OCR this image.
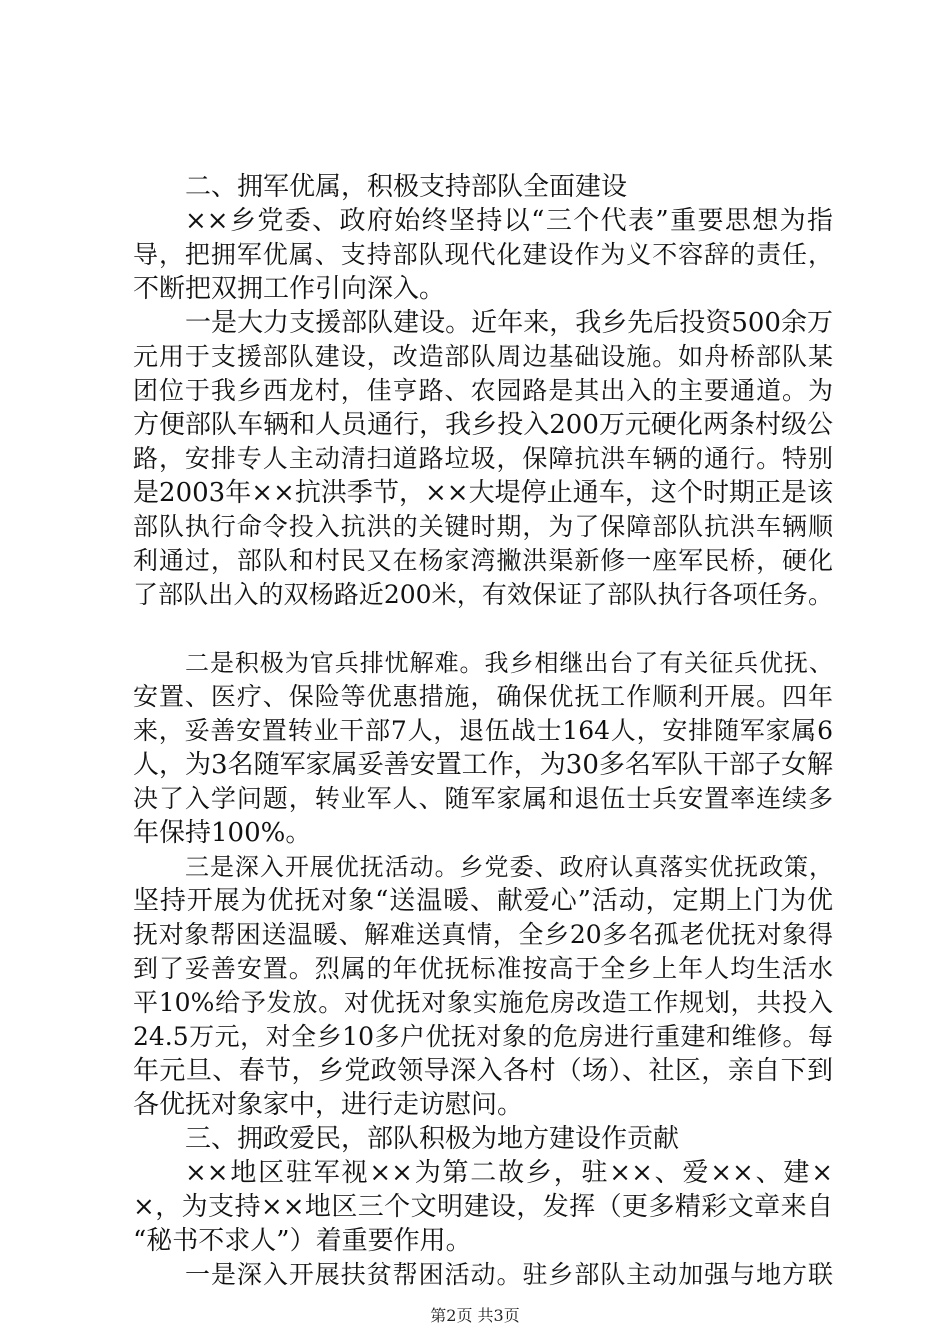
二、拥军优属，积极支持部队全面建设
××乡党委、政府始终坚持以“三个代表”重要思想为指
导，把拥军优属、支持部队现代化建设作为义不容辞的责任，
不断把双拥工作引向深入。
一是大力支援部队建设。近年来，我乡先后投资500余万
元用于支援部队建设，改造部队周边基础设施。如舟桥部队某
团位于我乡西龙村，佳亨路、农园路是其出入的主要通道。为
方便部队车辆和人员通行，我乡投入200万元硬化两条村级公
路，安排专人主动清扫道路垃圾，保障抗洪车辆的通行。特别
是2003年××抗洪季节，××大堤停止通车，这个时期正是该
部队执行命令投入抗洪的关键时期，为了保障部队抗洪车辆顺
利通过，部队和村民又在杨家湾撇洪渠新修一座军民桥，硬化
了部队出入的双杨路近200米，有效保证了部队执行各项任务。
二是积极为官兵排忧解难。我乡相继出台了有关征兵优抚、
安置、医疗、保险等优惠措施，确保优抚工作顺利开展。四年
来，妥善安置转业干部7人，退伍战士164人，安排随军家属6
人，为3名随军家属妥善安置工作，为30多名军队干部子女解
决了入学问题，转业军人、随军家属和退伍士兵安置率连续多
年保持100%。
三是深入开展优抚活动。乡党委、政府认真落实优抚政策，
坚持开展为优抚对象“送温暖、献爱心”活动，定期上门为优
抚对象帮困送温暖、解难送真情，全乡20多名孤老优抚对象得
到了妥善安置。烈属的年优抚标准按高于全乡上年人均生活水
平10%给予发放。对优抚对象实施危房改造工作规划，共投入
24.5万元，对全乡10多户优抚对象的危房进行重建和维修。每
年元旦、春节，乡党政领导深入各村（场）、社区，亲自下到
各优抚对象家中，进行走访慰问。
三、拥政爱民，部队积极为地方建设作贡献
××地区驻军视××为第二故乡，驻××、爱××、建×
×，为支持××地区三个文明建设，发挥（更多精彩文章来自
“秘书不求人”）着重要作用。
一是深入开展扶贫帮困活动。驻乡部队主动加强与地方联
第2页 共3页
